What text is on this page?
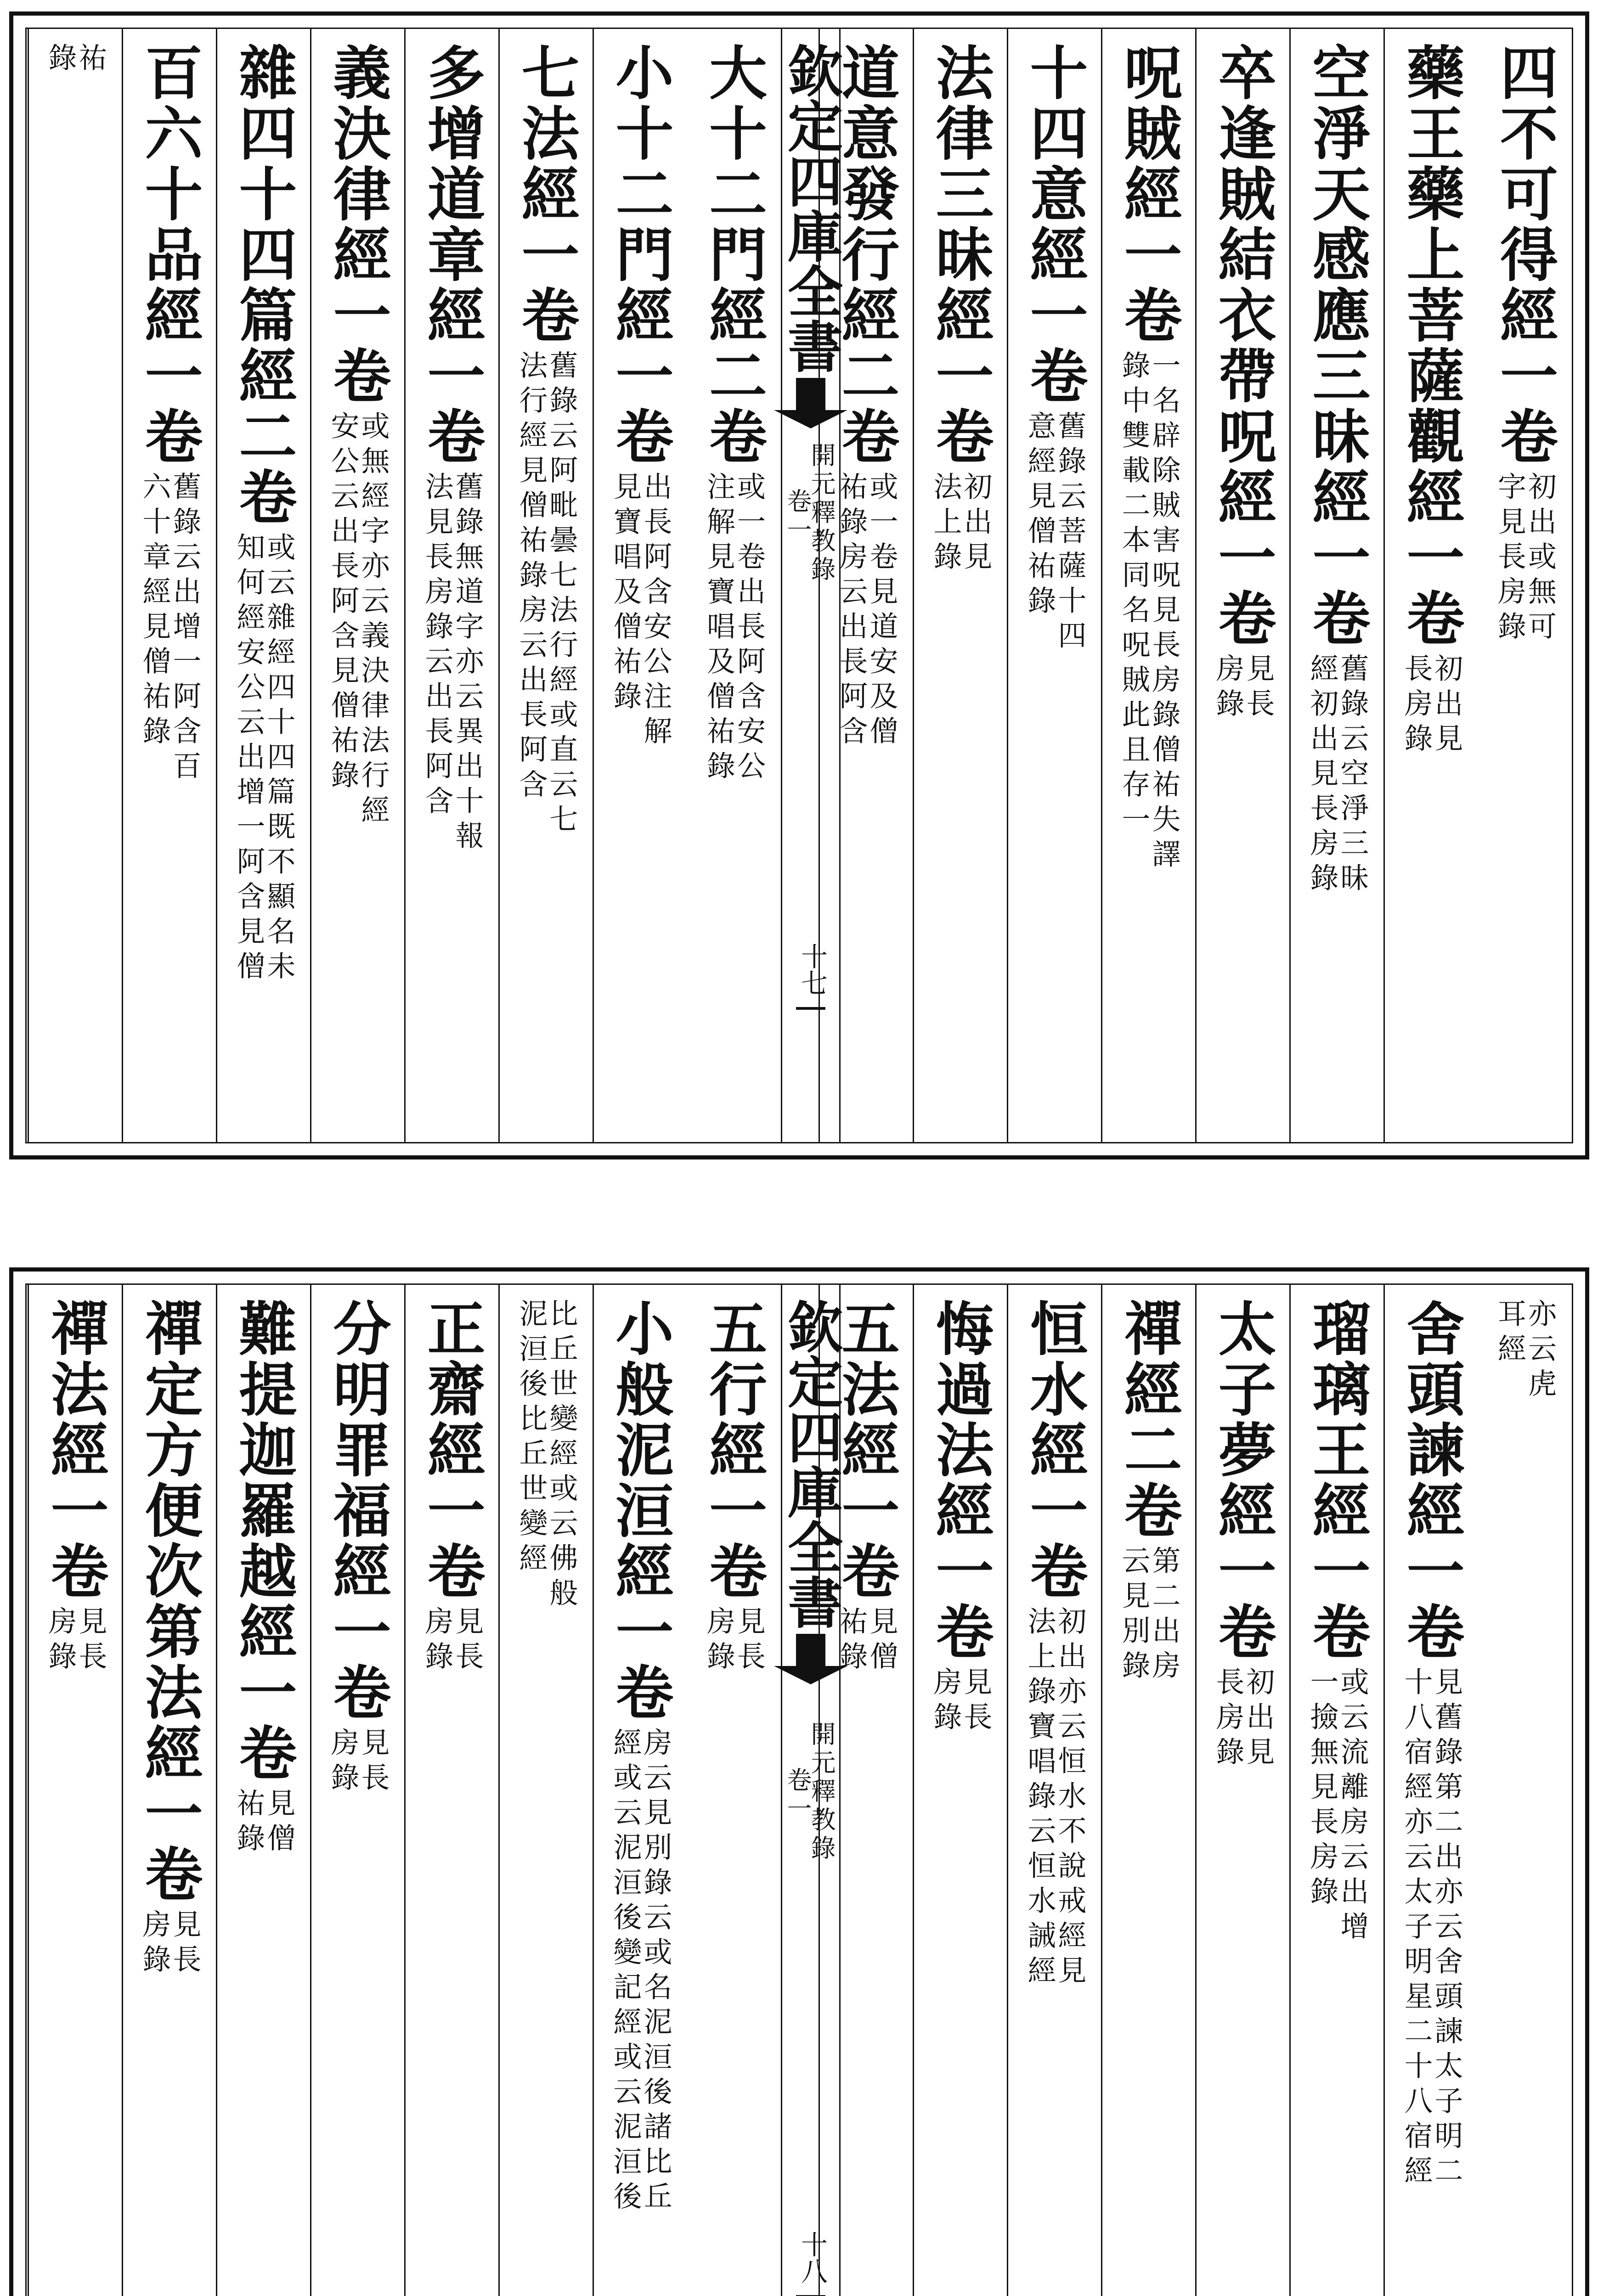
四不可得經一卷
初出或無可
字見長房錄
藥王藥上菩薩觀經一卷
初出見
長房錄
空淨天感應三昧經一卷
舊錄云空淨三昧
經初出見長房錄
卒逢賊結衣帶呪經一卷
見長
房錄
呪賊經一卷
一名辟除賊害呪見長房錄僧祐失譯
錄中雙載二本同名呪賊此且存一
十四意經一卷
舊錄云菩薩十四
意經見僧祐錄
法律三昧經一卷
初出見
法上錄
道意發行經二卷
或一卷見道安及僧
祐錄房云出長阿含
欽定四庫全書
開元釋教錄
卷一
十七
大十二門經二卷
或一卷出長阿含安公
注解見寶唱及僧祐錄
小十二門經一卷
出長阿含安公注解
見寶唱及僧祐錄
七法經一卷
舊錄云阿毗曇七法行經或直云七
法行經見僧祐錄房云出長阿含
多增道章經一卷
舊錄無道字亦云異出十報
法見長房錄云出長阿含
義決律經一卷
或無經字亦云義決律法行經
安公云出長阿含見僧祐錄
雜四十四篇經二卷
或云雜經四十四篇既不顯名未
知何經安公云出增一阿含見僧
百六十品經一卷
舊錄云出增一阿含百
六十章經見僧祐錄
祐
錄
亦云虎
耳經
舍頭諫經一卷
見舊錄第二出亦云舍頭諫太子明二
十八宿經亦云太子明星二十八宿經
瑠璃王經一卷
或云流離房云出增
一撿無見長房錄
太子夢經一卷
初出見
長房錄
禪經二卷
第二出房
云見別錄
恒水經一卷
初出亦云恒水不說戒經見
法上錄寶唱錄云恒水誡經
悔過法經一卷
見長
房錄
五法經一卷
見僧
祐錄
欽定四庫全書
開元釋教錄
卷一
十八
五行經一卷
見長
房錄
小般泥洹經一卷
房云見別錄云或名泥洹後諸比丘
經或云泥洹後變記經或云泥洹後
比丘世變經或云佛般
泥洹後比丘世變經
正齋經一卷
見長
房錄
分明罪福經一卷
見長
房錄
難提迦羅越經一卷
見僧
祐錄
禪定方便次第法經一卷
見長
房錄
禪法經一卷
見長
房錄
